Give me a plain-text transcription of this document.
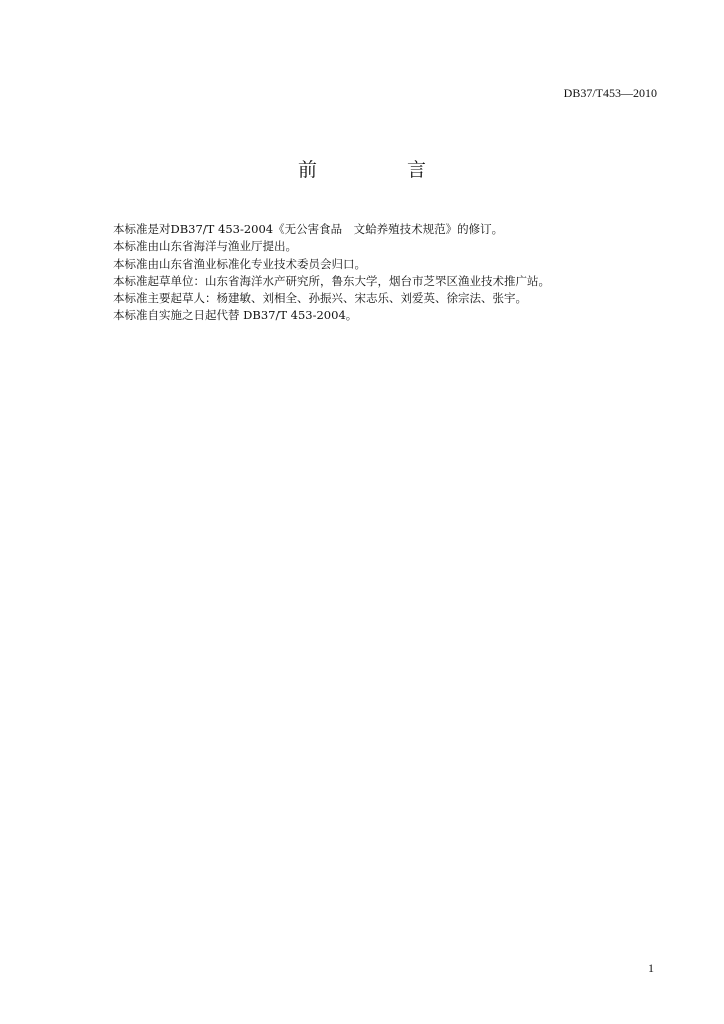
DB37/T453—2010
前 言

本标准是对DB37/T 453-2004《无公害食品　文蛤养殖技术规范》的修订。

本标准由山东省海洋与渔业厅提出。

本标准由山东省渔业标准化专业技术委员会归口。

本标准起草单位：山东省海洋水产研究所，鲁东大学，烟台市芝罘区渔业技术推广站。

本标准主要起草人：杨建敏、刘相全、孙振兴、宋志乐、刘爱英、徐宗法、张宇。

本标准自实施之日起代替 DB37/T 453-2004。

1
